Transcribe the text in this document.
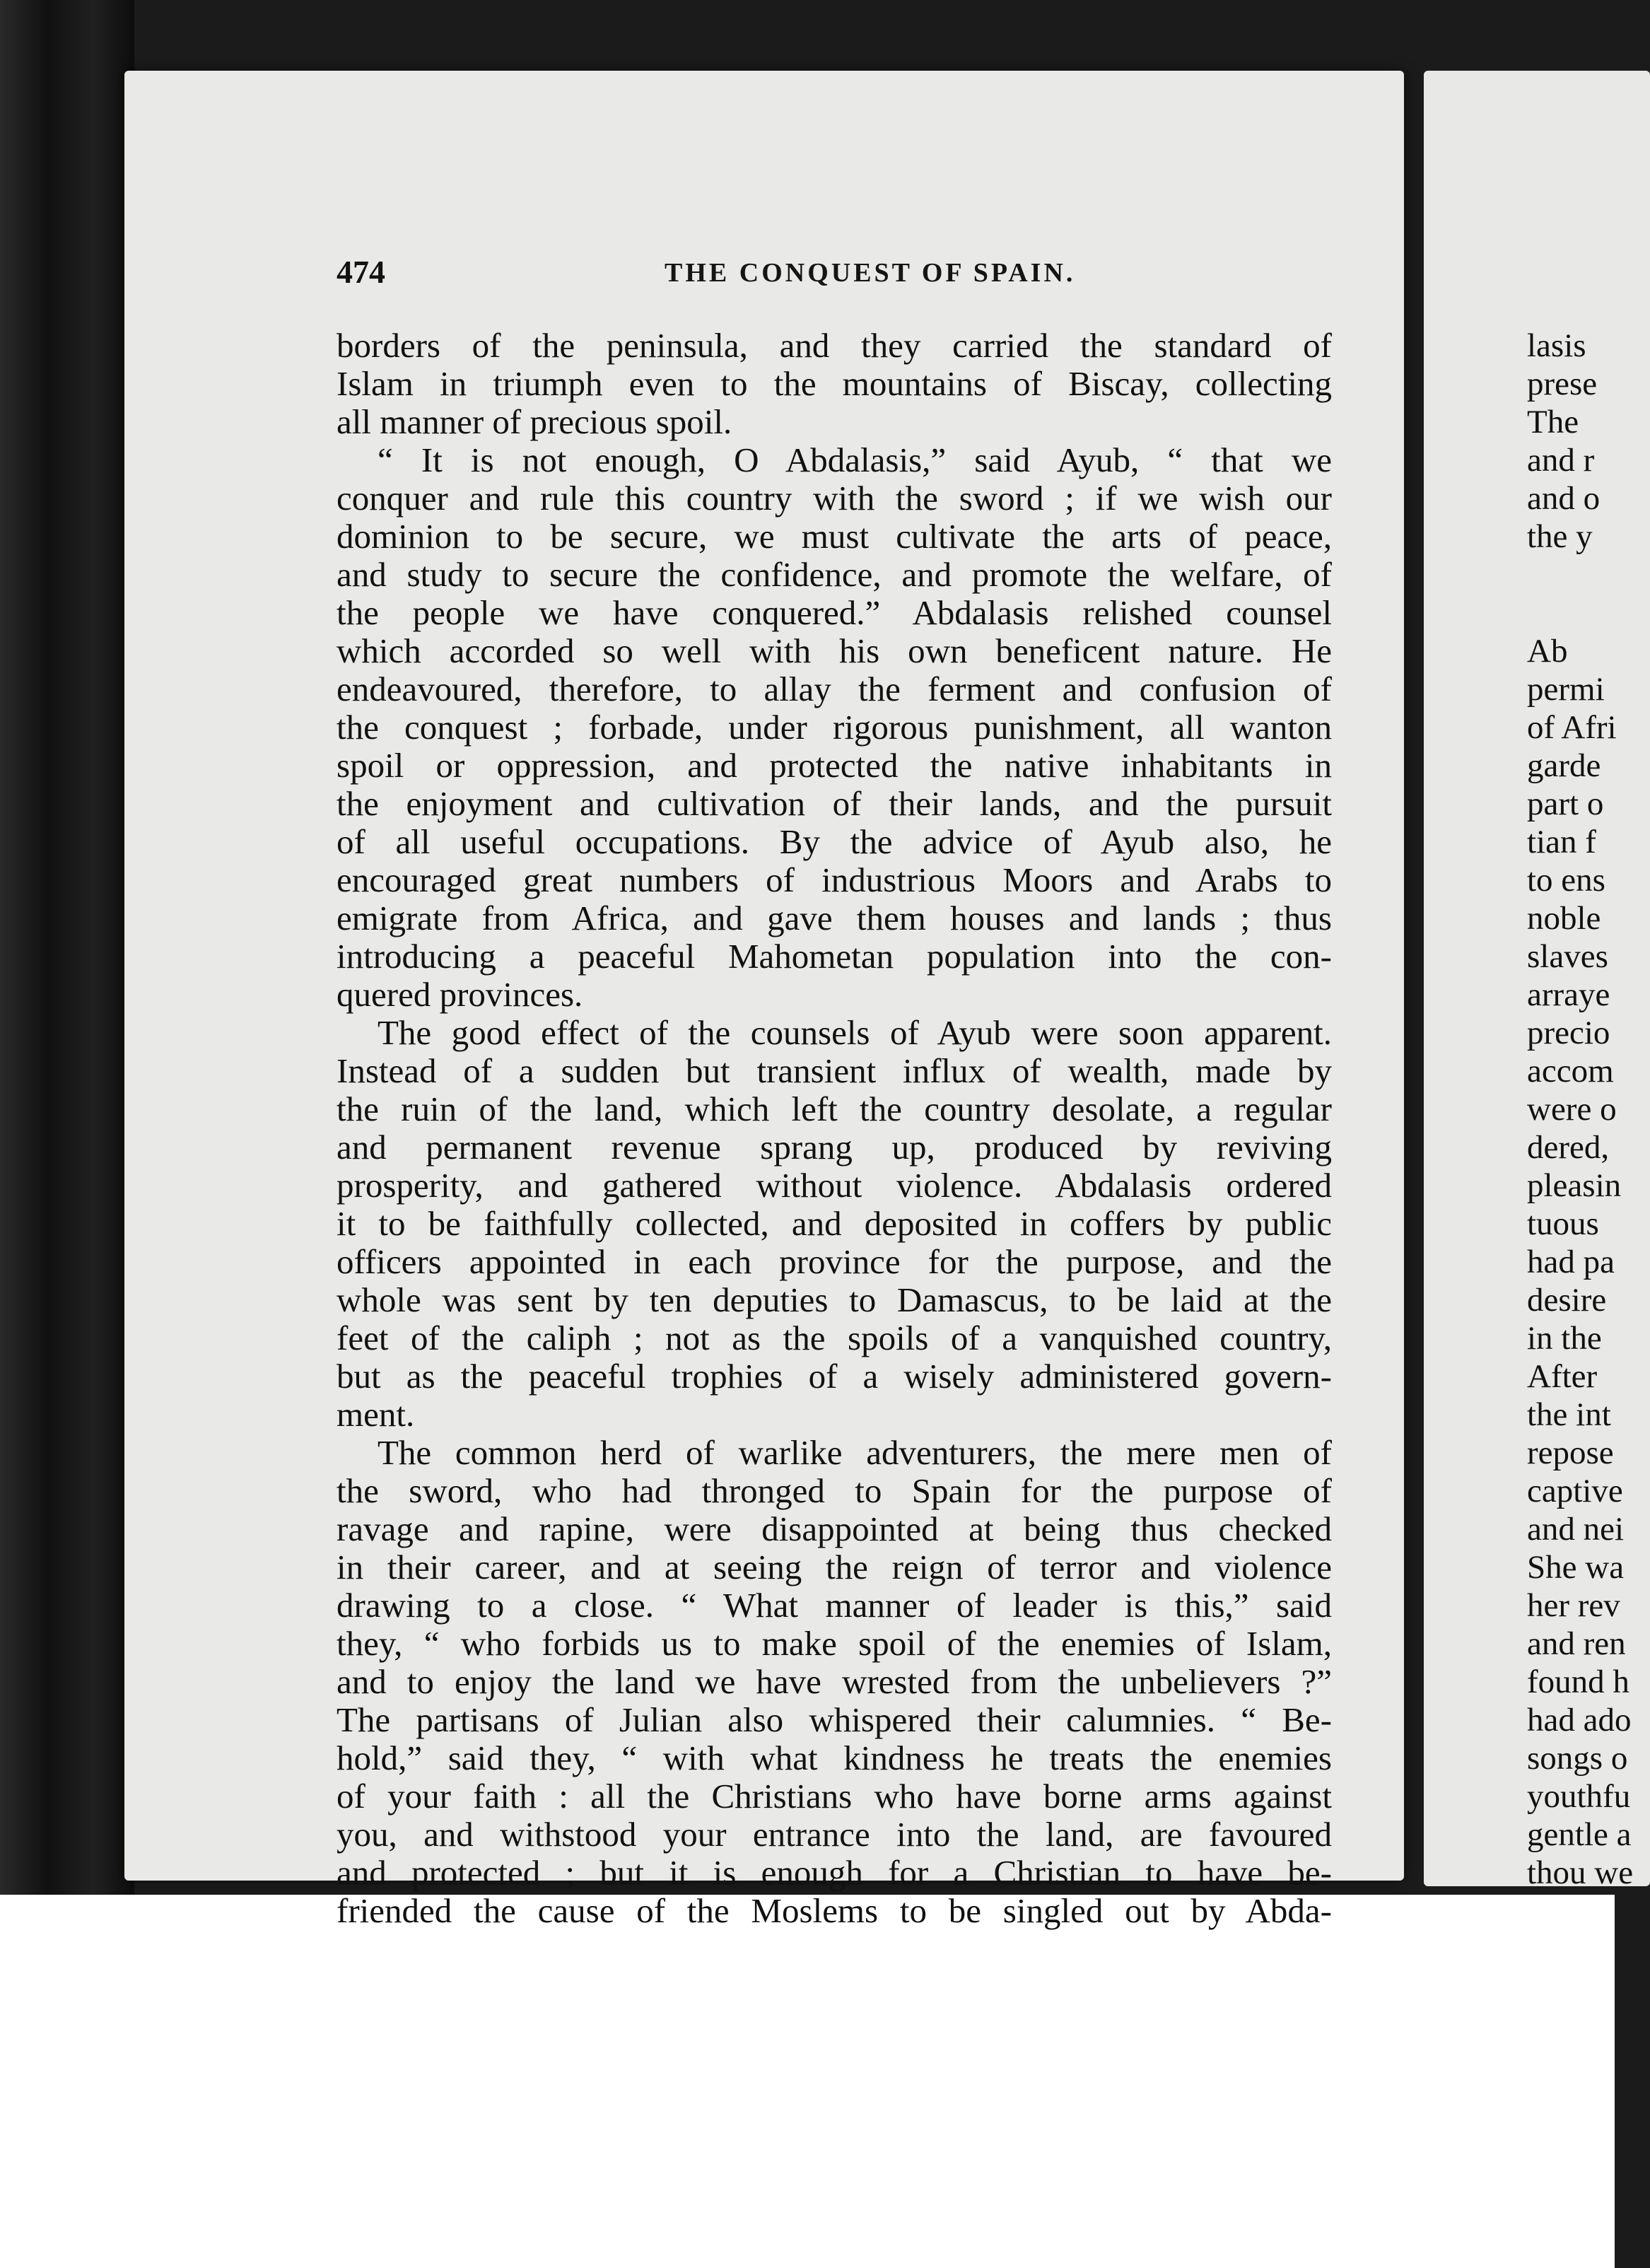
474	THE CONQUEST OF SPAIN.
borders of the peninsula, and they carried the standard of
Islam in triumph even to the mountains of Biscay, collecting
all manner of precious spoil.
“ It is not enough, O Abdalasis,” said Ayub, “ that we
conquer and rule this country with the sword ; if we wish our
dominion to be secure, we must cultivate the arts of peace,
and study to secure the confidence, and promote the welfare, of
the people we have conquered.” Abdalasis relished counsel
which accorded so well with his own beneficent nature. He
endeavoured, therefore, to allay the ferment and confusion of
the conquest ; forbade, under rigorous punishment, all wanton
spoil or oppression, and protected the native inhabitants in
the enjoyment and cultivation of their lands, and the pursuit
of all useful occupations. By the advice of Ayub also, he
encouraged great numbers of industrious Moors and Arabs to
emigrate from Africa, and gave them houses and lands ; thus
introducing a peaceful Mahometan population into the con-
quered provinces.
The good effect of the counsels of Ayub were soon apparent.
Instead of a sudden but transient influx of wealth, made by
the ruin of the land, which left the country desolate, a regular
and permanent revenue sprang up, produced by reviving
prosperity, and gathered without violence. Abdalasis ordered
it to be faithfully collected, and deposited in coffers by public
officers appointed in each province for the purpose, and the
whole was sent by ten deputies to Damascus, to be laid at the
feet of the caliph ; not as the spoils of a vanquished country,
but as the peaceful trophies of a wisely administered govern-
ment.
The common herd of warlike adventurers, the mere men of
the sword, who had thronged to Spain for the purpose of
ravage and rapine, were disappointed at being thus checked
in their career, and at seeing the reign of terror and violence
drawing to a close. “ What manner of leader is this,” said
they, “ who forbids us to make spoil of the enemies of Islam,
and to enjoy the land we have wrested from the unbelievers ?”
The partisans of Julian also whispered their calumnies. “ Be-
hold,” said they, “ with what kindness he treats the enemies
of your faith : all the Christians who have borne arms against
you, and withstood your entrance into the land, are favoured
and protected ; but it is enough for a Christian to have be-
friended the cause of the Moslems to be singled out by Abda-
lasis
prese
The
and r
and o
the y
Ab
permi
of Afri
garde
part o
tian f
to ens
noble
slaves
arraye
precio
accom
were o
dered,
pleasin
tuous
had pa
desire
in the
After
the int
repose
captive
and nei
She wa
her rev
and ren
found h
had ado
songs o
youthfu
gentle a
thou we
